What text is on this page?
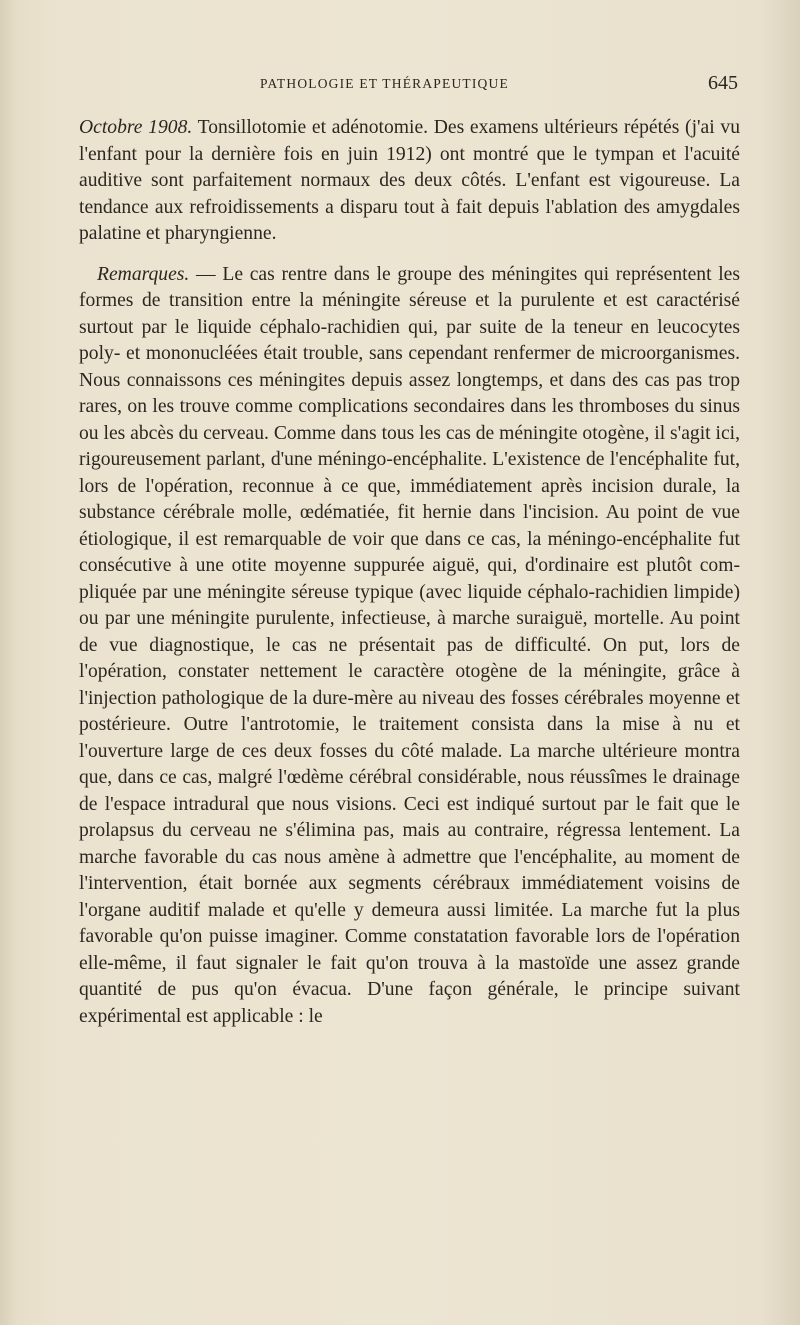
PATHOLOGIE ET THÉRAPEUTIQUE	645

Octobre 1908. Tonsillotomie et adénotomie. Des examens ultérieurs répétés (j'ai vu l'enfant pour la dernière fois en juin 1912) ont montré que le tympan et l'acuité auditive sont parfaitement normaux des deux côtés. L'enfant est vigoureuse. La tendance aux refroidissements a disparu tout à fait depuis l'ablation des amygdales palatine et pharyngienne.

Remarques. — Le cas rentre dans le groupe des méningites qui représentent les formes de transition entre la méningite séreuse et la purulente et est caractérisé surtout par le liquide céphalo-rachidien qui, par suite de la teneur en leucocytes poly- et mononucléées était trouble, sans cependant renfermer de microorganismes. Nous connaissons ces méningites depuis assez longtemps, et dans des cas pas trop rares, on les trouve comme complications secondaires dans les thromboses du sinus ou les abcès du cerveau. Comme dans tous les cas de méningite otogène, il s'agit ici, rigoureusement parlant, d'une méningo-encéphalite. L'existence de l'encéphalite fut, lors de l'opération, reconnue à ce que, immédiatement après incision durale, la substance cérébrale molle, œdématiée, fit hernie dans l'incision. Au point de vue étiologique, il est remarquable de voir que dans ce cas, la méningo-encéphalite fut consécutive à une otite moyenne suppurée aiguë, qui, d'ordinaire est plutôt compliquée par une méningite séreuse typique (avec liquide céphalo-rachidien limpide) ou par une méningite purulente, infectieuse, à marche suraiguë, mortelle. Au point de vue diagnostique, le cas ne présentait pas de difficulté. On put, lors de l'opération, constater nettement le caractère otogène de la méningite, grâce à l'injection pathologique de la dure-mère au niveau des fosses cérébrales moyenne et postérieure. Outre l'antrotomie, le traitement consista dans la mise à nu et l'ouverture large de ces deux fosses du côté malade. La marche ultérieure montra que, dans ce cas, malgré l'œdème cérébral considérable, nous réussîmes le drainage de l'espace intradural que nous visions. Ceci est indiqué surtout par le fait que le prolapsus du cerveau ne s'élimina pas, mais au contraire, régressa lentement. La marche favorable du cas nous amène à admettre que l'encéphalite, au moment de l'intervention, était bornée aux segments cérébraux immédiatement voisins de l'organe auditif malade et qu'elle y demeura aussi limitée. La marche fut la plus favorable qu'on puisse imaginer. Comme constatation favorable lors de l'opération elle-même, il faut signaler le fait qu'on trouva à la mastoïde une assez grande quantité de pus qu'on évacua. D'une façon générale, le principe suivant expérimental est applicable : le
